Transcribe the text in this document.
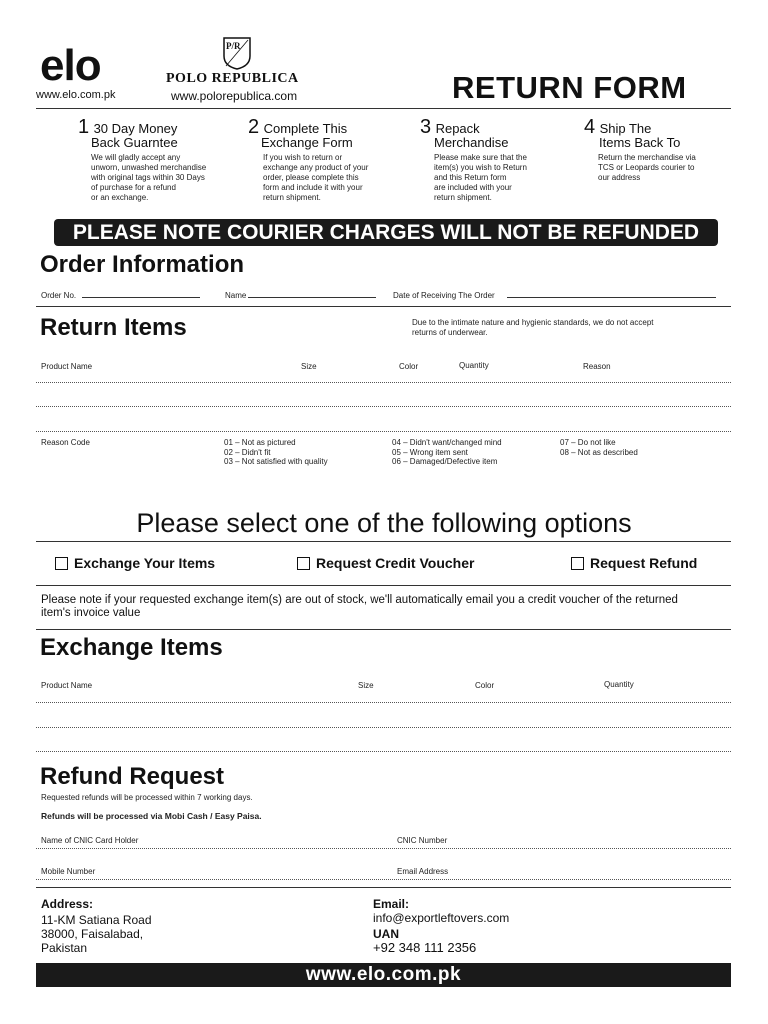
elo
www.elo.com.pk
P/R
POLO REPUBLICA
www.polorepublica.com	RETURN FORM
1 30 Day Money
Back Guarntee
We will gladly accept any
unworn, unwashed merchandise
with original tags within 30 Days
of purchase for a refund
or an exchange.
2 Complete This
Exchange Form
If you wish to return or
exchange any product of your
order, please complete this
form and include it with your
return shipment.
3 Repack
Merchandise
Please make sure that the
item(s) you wish to Return
and this Return form
are included with your
return shipment.
4 Ship The
Items Back To
Return the merchandise via
TCS or Leopards courier to
our address
PLEASE NOTE COURIER CHARGES WILL NOT BE REFUNDED
Order Information
Order No.	Name	Date of Receiving The Order
Return Items	Due to the intimate nature and hygienic standards, we do not accept
returns of underwear.
Product Name	Size	Color	Quantity	Reason
Reason Code	01 – Not as pictured
02 – Didn't fit
03 – Not satisfied with quality
04 – Didn't want/changed mind
05 – Wrong item sent
06 – Damaged/Defective item
07 – Do not like
08 – Not as described
Please select one of the following options
Exchange Your Items	Request Credit Voucher	Request Refund
Please note if your requested exchange item(s) are out of stock, we'll automatically email you a credit voucher of the returned
item's invoice value
Exchange Items
Product Name	Size	Color	Quantity
Refund Request
Requested refunds will be processed within 7 working days.
Refunds will be processed via Mobi Cash / Easy Paisa.
Name of CNIC Card Holder	CNIC Number
Mobile Number	Email Address
Address:
11-KM Satiana Road
38000, Faisalabad,
Pakistan
Email:
info@exportleftovers.com
UAN
+92 348 111 2356
www.elo.com.pk
